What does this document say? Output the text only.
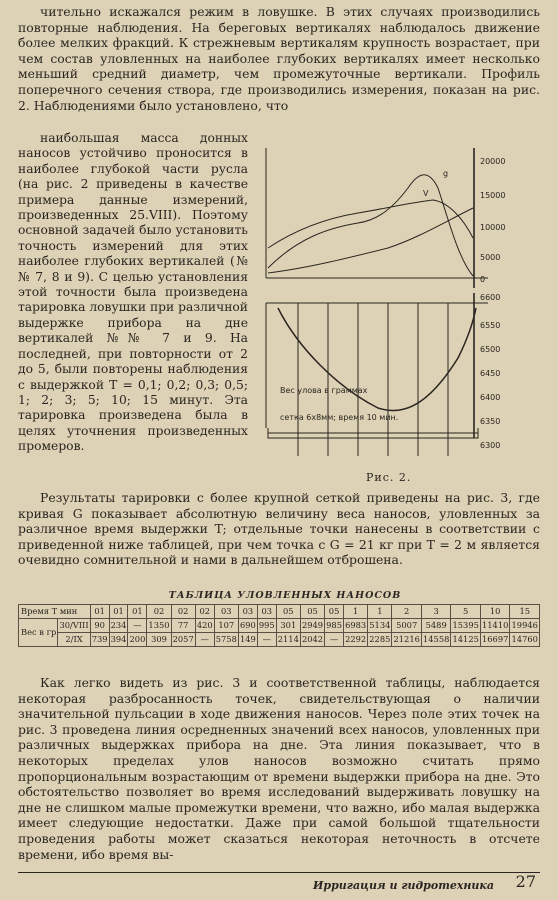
чительно искажался режим в ловушке. В этих случаях производились повторные наблюдения. На береговых вертикалях наблюдалось движение более мелких фракций. К стрежневым вертикалям крупность возрастает, при чем состав уловленных на наиболее глубоких вертикалях имеет несколько меньший средний диаметр, чем промежуточные вертикали. Профиль поперечного сечения створа, где производились измерения, показан на рис. 2. Наблюдениями было установлено, что
наибольшая масса донных наносов устойчиво проносится в наиболее глубокой части русла (на рис. 2 приведены в качестве примера данные измерений, произведенных 25.VIII). Поэтому основной задачей было установить точность измерений для этих наиболее глубоких вертикалей (№№ 7, 8 и 9). С целью установления этой точности была произведена тарировка ловушки при различной выдержке прибора на дне вертикалей №№ 7 и 9. На последней, при повторности от 2 до 5, были повторены наблюдения с выдержкой T = 0,1; 0,2; 0,3; 0,5; 1; 2; 3; 5; 10; 15 минут. Эта тарировка произведена была в целях уточнения произведенных промеров.
20000
15000
10000
5000
0
6600
6550
6500
6450
6400
6350
6300
g
V
Вес улова в граммах
сетка 6х8мм; время 10 мин.
Рис. 2.
Результаты тарировки с более крупной сеткой приведены на рис. 3, где кривая G показывает абсолютную величину веса наносов, уловленных за различное время выдержки T; отдельные точки нанесены в соответствии с приведенной ниже таблицей, при чем точка с G = 21 кг при T = 2 м является очевидно сомнительной и нами в дальнейшем отброшена.
ТАБЛИЦА УЛОВЛЕННЫХ НАНОСОВ
Время T мин		01	01	01	02	02	02	03	03	03	05	05	05	1	1	2	3	5	10	15
Вес в гр	30/VIII	90	234	—	1350	77	420	107	690	995	301	2949	985	6983	5134	5007	5489	15395	11410	19946
	2/IX	739	394	200	309	2057	—	5758	149	—	2114	2042	—	2292	2285	21216	14558	14125	16697	14760
Как легко видеть из рис. 3 и соответственной таблицы, наблюдается некоторая разбросанность точек, свидетельствующая о наличии значительной пульсации в ходе движения наносов. Через поле этих точек на рис. 3 проведена линия осредненных значений всех наносов, уловленных при различных выдержках прибора на дне. Эта линия показывает, что в некоторых пределах улов наносов возможно считать прямо пропорциональным возрастающим от времени выдержки прибора на дне. Это обстоятельство позволяет во время исследований выдерживать ловушку на дне не слишком малые промежутки времени, что важно, ибо малая выдержка имеет следующие недостатки. Даже при самой большой тщательности проведения работы может сказаться некоторая неточность в отсчете времени, ибо время вы-
Ирригация и гидротехника 27
